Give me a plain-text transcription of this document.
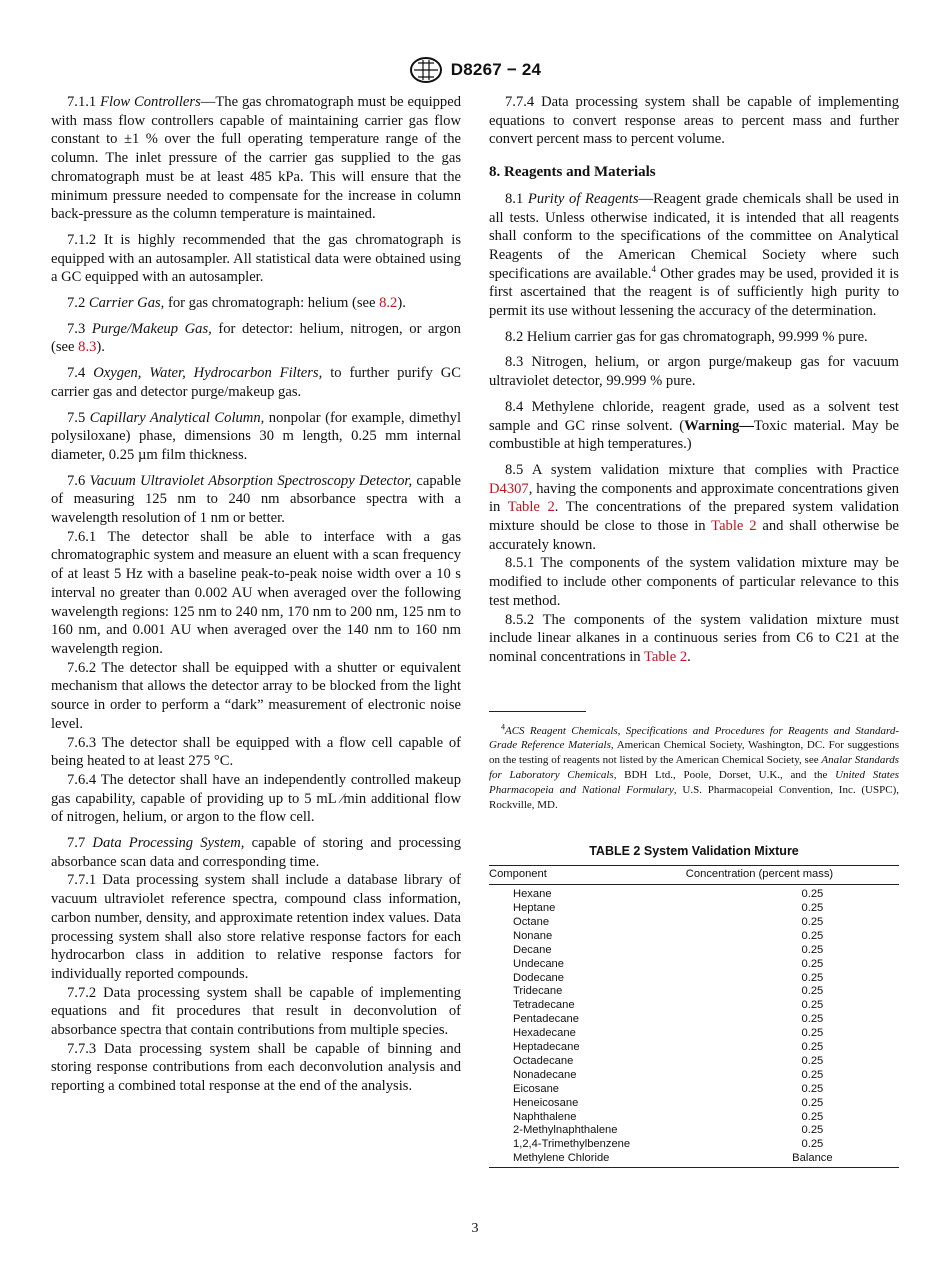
D8267 − 24

7.1.1 Flow Controllers—The gas chromatograph must be equipped with mass flow controllers capable of maintaining carrier gas flow constant to ±1 % over the full operating temperature range of the column. The inlet pressure of the carrier gas supplied to the gas chromatograph must be at least 485 kPa. This will ensure that the minimum pressure needed to compensate for the increase in column back-pressure as the column temperature is maintained.

7.1.2 It is highly recommended that the gas chromatograph is equipped with an autosampler. All statistical data were obtained using a GC equipped with an autosampler.

7.2 Carrier Gas, for gas chromatograph: helium (see 8.2).

7.3 Purge/Makeup Gas, for detector: helium, nitrogen, or argon (see 8.3).

7.4 Oxygen, Water, Hydrocarbon Filters, to further purify GC carrier gas and detector purge/makeup gas.

7.5 Capillary Analytical Column, nonpolar (for example, dimethyl polysiloxane) phase, dimensions 30 m length, 0.25 mm internal diameter, 0.25 µm film thickness.

7.6 Vacuum Ultraviolet Absorption Spectroscopy Detector, capable of measuring 125 nm to 240 nm absorbance spectra with a wavelength resolution of 1 nm or better.

7.6.1 The detector shall be able to interface with a gas chromatographic system and measure an eluent with a scan frequency of at least 5 Hz with a baseline peak-to-peak noise width over a 10 s interval no greater than 0.002 AU when averaged over the following wavelength regions: 125 nm to 240 nm, 170 nm to 200 nm, 125 nm to 160 nm, and 0.001 AU when averaged over the 140 nm to 160 nm wavelength region.

7.6.2 The detector shall be equipped with a shutter or equivalent mechanism that allows the detector array to be blocked from the light source in order to perform a “dark” measurement of electronic noise level.

7.6.3 The detector shall be equipped with a flow cell capable of being heated to at least 275 °C.

7.6.4 The detector shall have an independently controlled makeup gas capability, capable of providing up to 5 mL ⁄min additional flow of nitrogen, helium, or argon to the flow cell.

7.7 Data Processing System, capable of storing and processing absorbance scan data and corresponding time.

7.7.1 Data processing system shall include a database library of vacuum ultraviolet reference spectra, compound class information, carbon number, density, and approximate retention index values. Data processing system shall also store relative response factors for each hydrocarbon class in addition to relative response factors for individually reported compounds.

7.7.2 Data processing system shall be capable of implementing equations and fit procedures that result in deconvolution of absorbance spectra that contain contributions from multiple species.

7.7.3 Data processing system shall be capable of binning and storing response contributions from each deconvolution analysis and reporting a combined total response at the end of the analysis.

7.7.4 Data processing system shall be capable of implementing equations to convert response areas to percent mass and further convert percent mass to percent volume.

8. Reagents and Materials

8.1 Purity of Reagents—Reagent grade chemicals shall be used in all tests. Unless otherwise indicated, it is intended that all reagents shall conform to the specifications of the committee on Analytical Reagents of the American Chemical Society where such specifications are available.$^4$ Other grades may be used, provided it is first ascertained that the reagent is of sufficiently high purity to permit its use without lessening the accuracy of the determination.

8.2 Helium carrier gas for gas chromatograph, 99.999 % pure.

8.3 Nitrogen, helium, or argon purge/makeup gas for vacuum ultraviolet detector, 99.999 % pure.

8.4 Methylene chloride, reagent grade, used as a solvent test sample and GC rinse solvent. (Warning—Toxic material. May be combustible at high temperatures.)

8.5 A system validation mixture that complies with Practice D4307, having the components and approximate concentrations given in Table 2. The concentrations of the prepared system validation mixture should be close to those in Table 2 and shall otherwise be accurately known.

8.5.1 The components of the system validation mixture may be modified to include other components of particular relevance to this test method.

8.5.2 The components of the system validation mixture must include linear alkanes in a continuous series from C6 to C21 at the nominal concentrations in Table 2.

$^4$ACS Reagent Chemicals, Specifications and Procedures for Reagents and Standard-Grade Reference Materials, American Chemical Society, Washington, DC. For suggestions on the testing of reagents not listed by the American Chemical Society, see Analar Standards for Laboratory Chemicals, BDH Ltd., Poole, Dorset, U.K., and the United States Pharmacopeia and National Formulary, U.S. Pharmacopeial Convention, Inc. (USPC), Rockville, MD.

TABLE 2 System Validation Mixture

Component	Concentration (percent mass)
Hexane	0.25
Heptane	0.25
Octane	0.25
Nonane	0.25
Decane	0.25
Undecane	0.25
Dodecane	0.25
Tridecane	0.25
Tetradecane	0.25
Pentadecane	0.25
Hexadecane	0.25
Heptadecane	0.25
Octadecane	0.25
Nonadecane	0.25
Eicosane	0.25
Heneicosane	0.25
Naphthalene	0.25
2-Methylnaphthalene	0.25
1,2,4-Trimethylbenzene	0.25
Methylene Chloride	Balance
3
